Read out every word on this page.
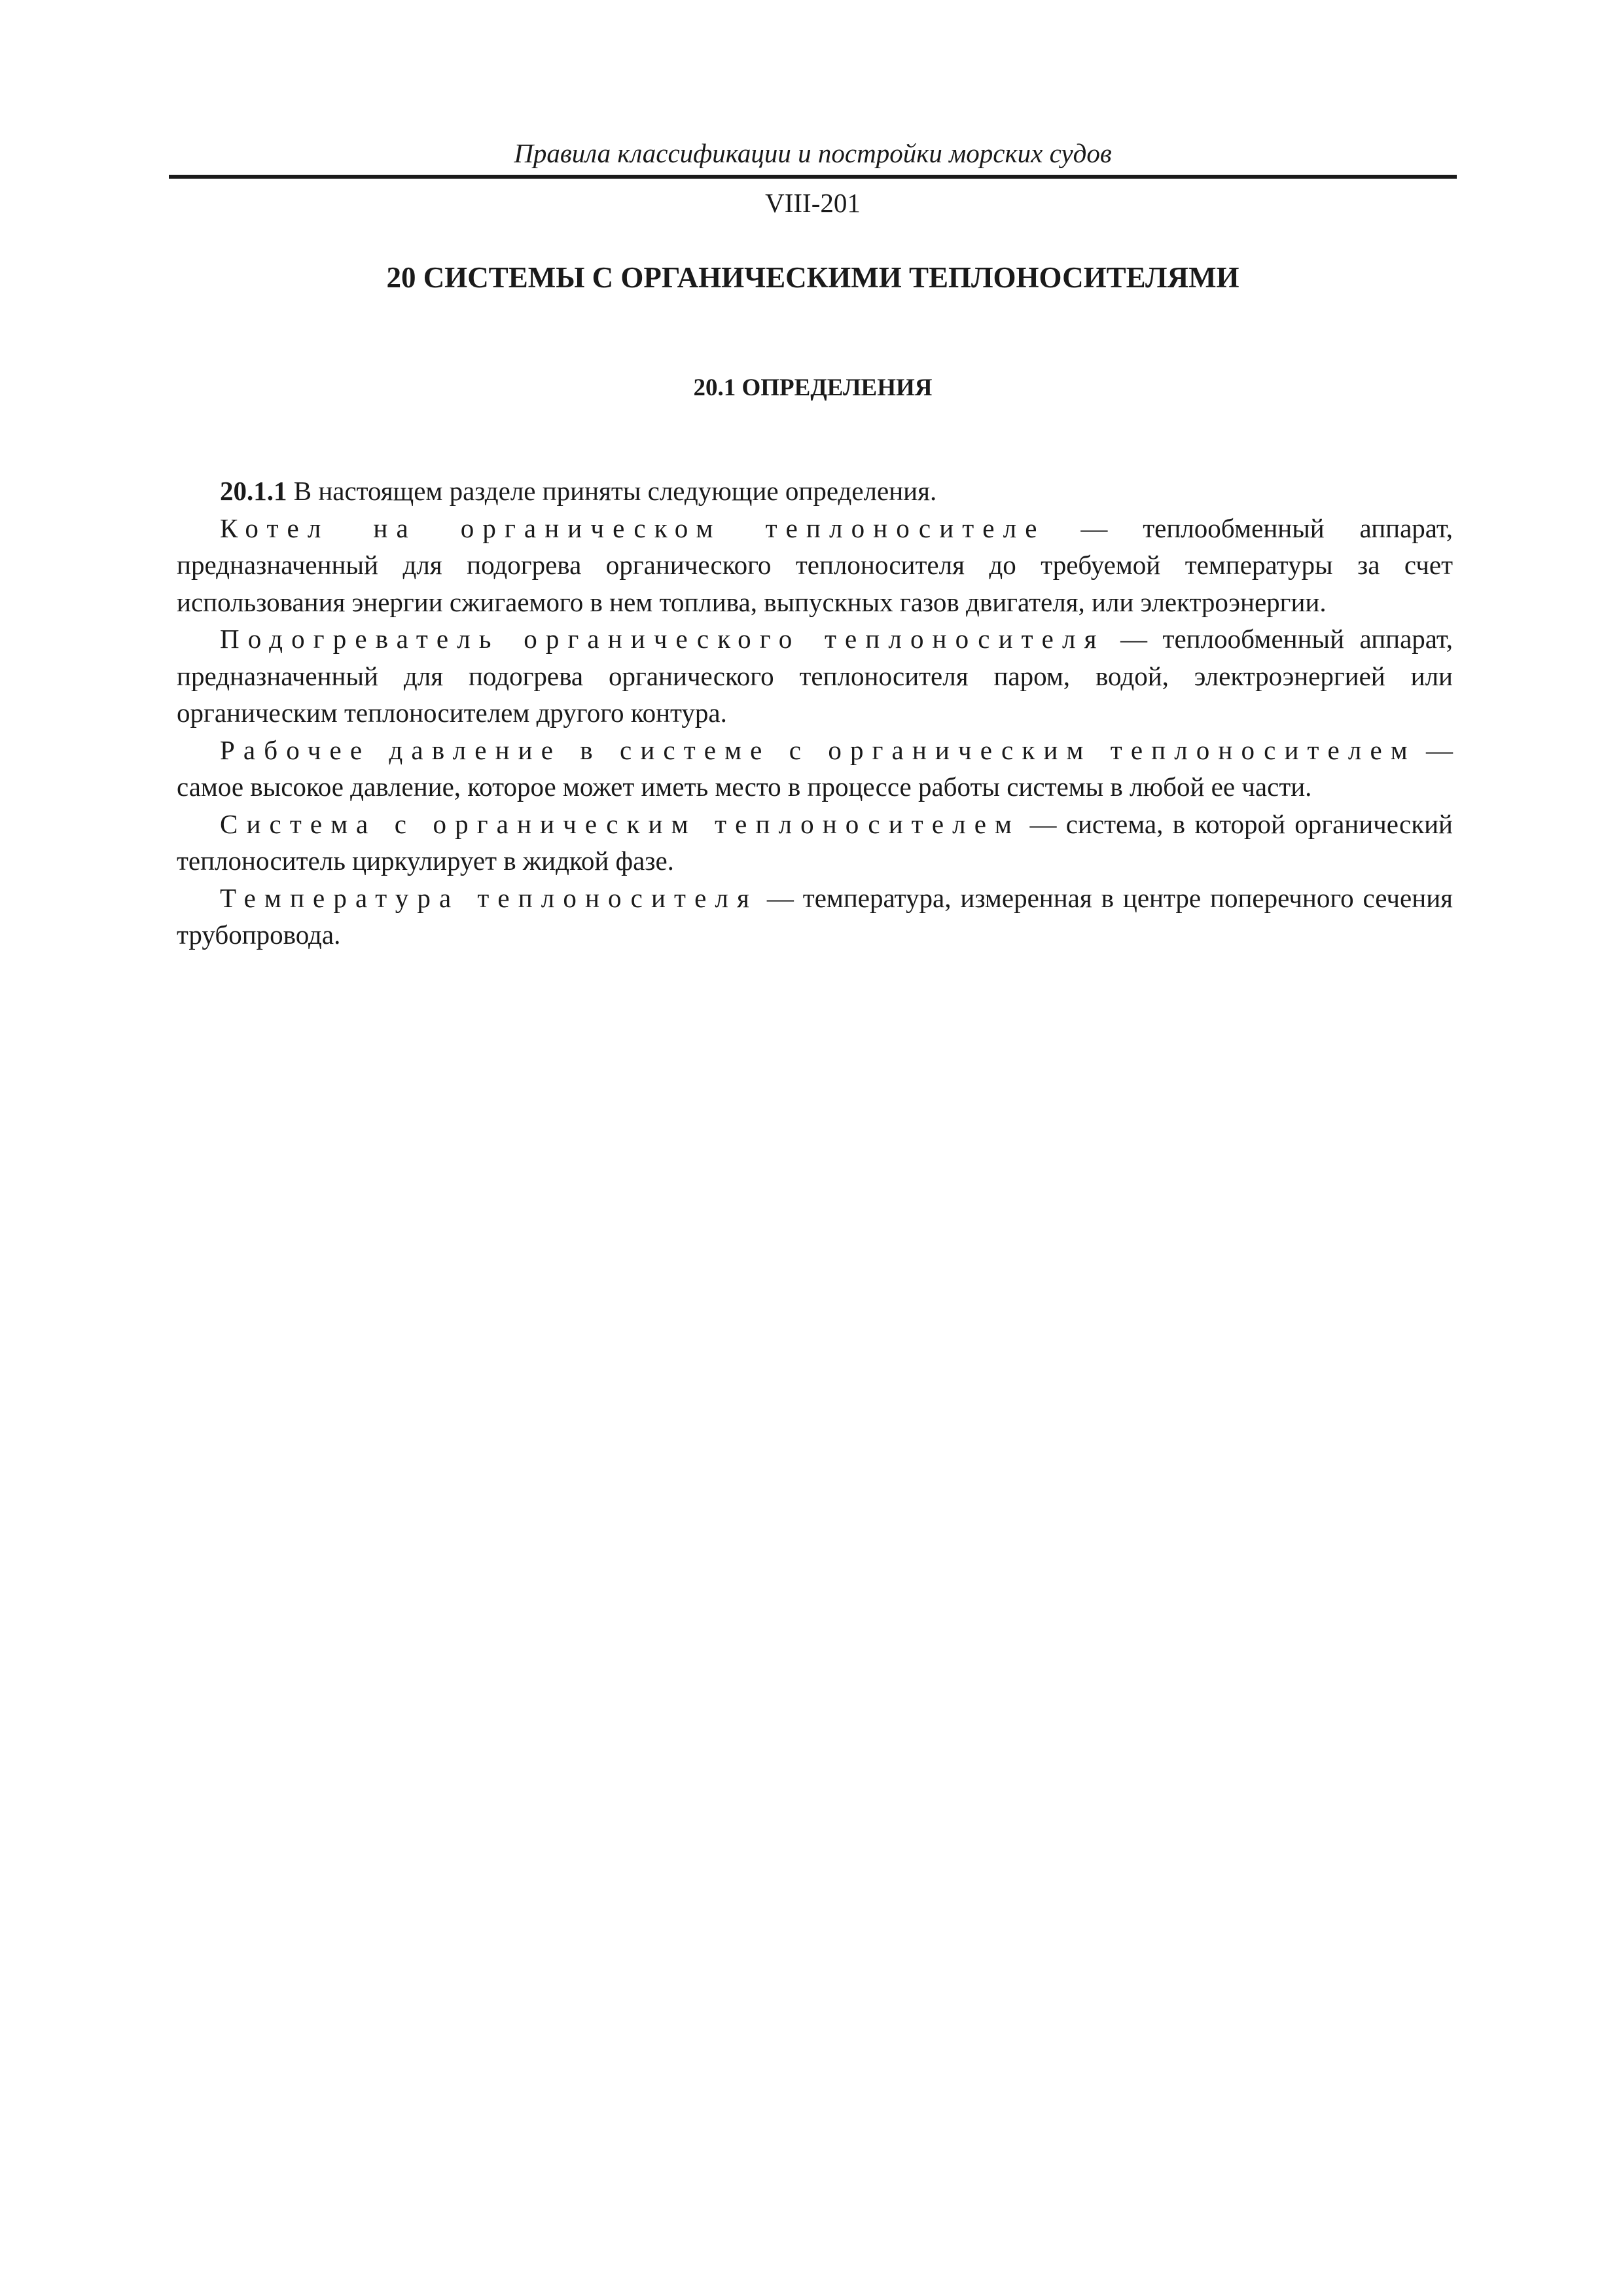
Правила классификации и постройки морских судов
VIII-201
20 СИСТЕМЫ С ОРГАНИЧЕСКИМИ ТЕПЛОНОСИТЕЛЯМИ
20.1 ОПРЕДЕЛЕНИЯ

20.1.1 В настоящем разделе приняты следующие определения.

Котел на органическом теплоносителе — теплообменный аппарат, предназначенный для подогрева органического теплоносителя до требуемой температуры за счет использования энергии сжигаемого в нем топлива, выпускных газов двигателя, или электроэнергии.

Подогреватель органического теплоносителя — теплообменный аппарат, предназначенный для подогрева органического теплоносителя паром, водой, электроэнергией или органическим теплоносителем другого контура.

Рабочее давление в системе с органическим теплоносителем — самое высокое давление, которое может иметь место в процессе работы системы в любой ее части.

Система с органическим теплоносителем — система, в которой органический теплоноситель циркулирует в жидкой фазе.

Температура теплоносителя — температура, измеренная в центре поперечного сечения трубопровода.
